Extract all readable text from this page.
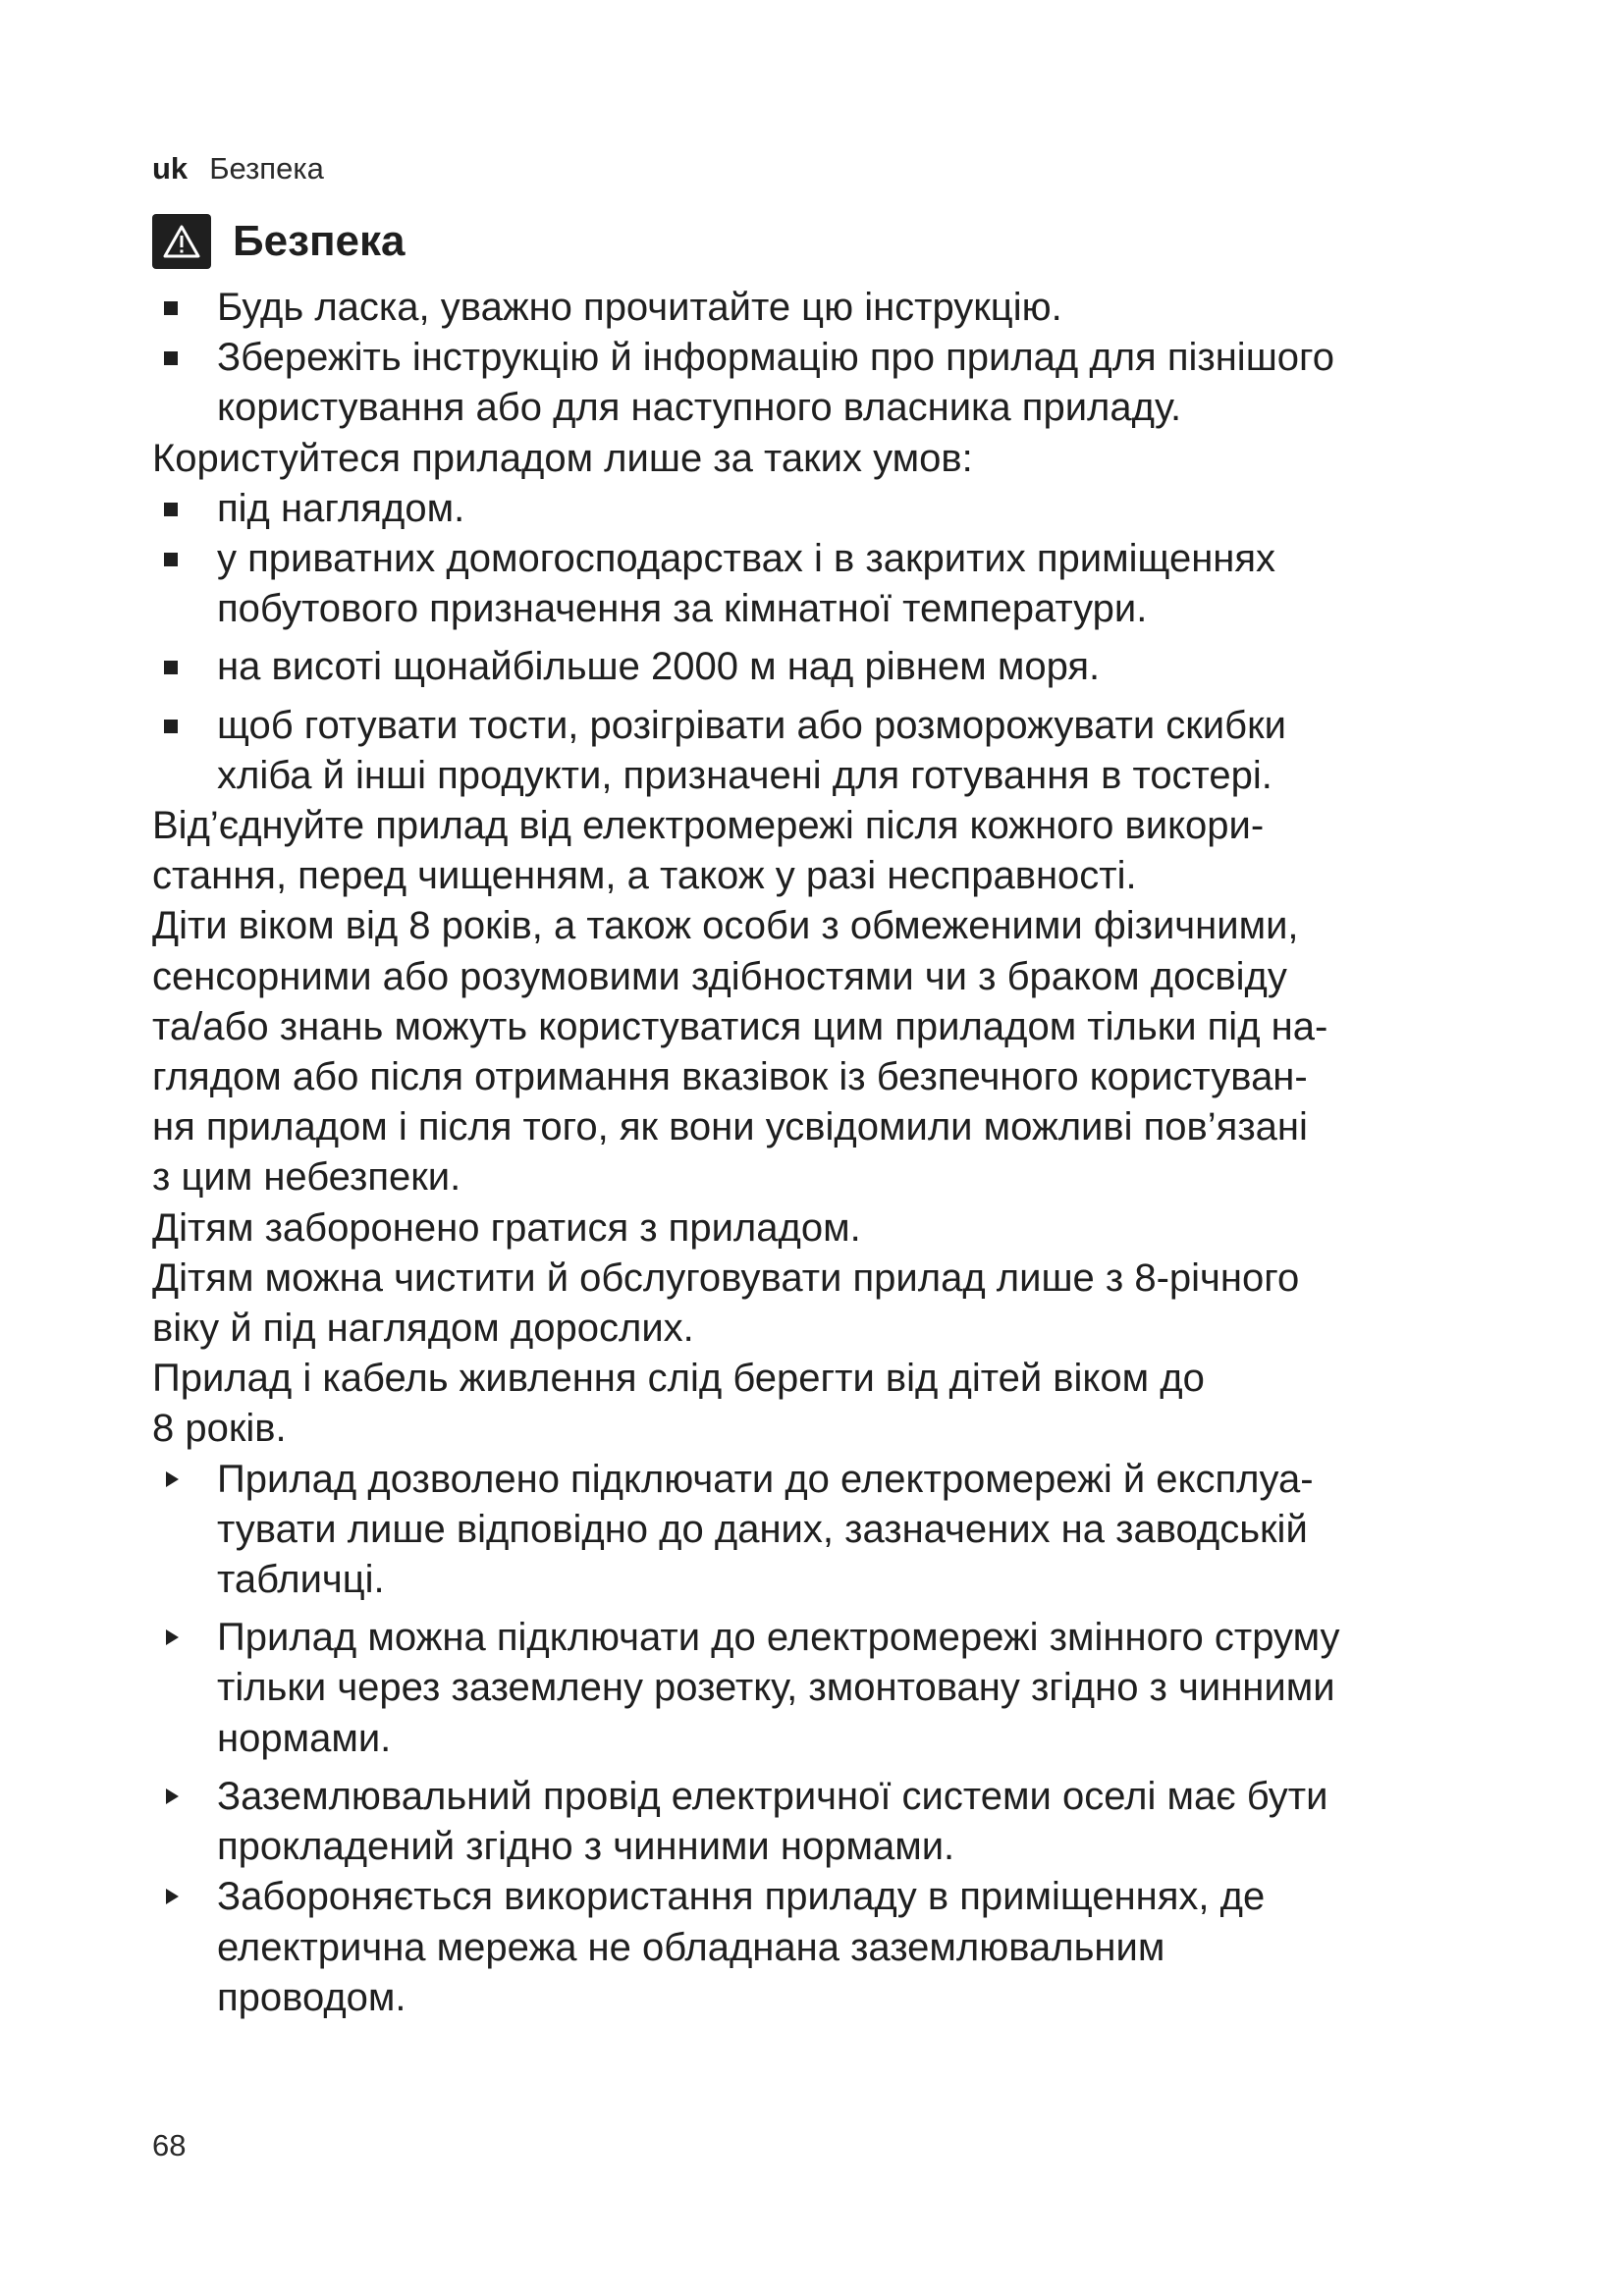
uk Безпека
Безпека
Будь ласка, уважно прочитайте цю інструкцію.
Збережіть інструкцію й інформацію про прилад для пізнішого
користування або для наступного власника приладу.

Користуйтеся приладом лише за таких умов:

під наглядом.
у приватних домогосподарствах і в закритих приміщеннях
побутового призначення за кімнатної температури.
на висоті щонайбільше 2000 м над рівнем моря.
щоб готувати тости, розігрівати або розморожувати скибки
хліба й інші продукти, призначені для готування в тостері.

Від’єднуйте прилад від електромережі після кожного викори-
стання, перед чищенням, а також у разі несправності.

Діти віком від 8 років, а також особи з обмеженими фізичними,
сенсорними або розумовими здібностями чи з браком досвіду
та/або знань можуть користуватися цим приладом тільки під на-
глядом або після отримання вказівок із безпечного користуван-
ня приладом і після того, як вони усвідомили можливі пов’язані
з цим небезпеки.

Дітям заборонено гратися з приладом.

Дітям можна чистити й обслуговувати прилад лише з 8-річного
віку й під наглядом дорослих.

Прилад і кабель живлення слід берегти від дітей віком до
8 років.

Прилад дозволено підключати до електромережі й експлуа-
тувати лише відповідно до даних, зазначених на заводській
табличці.
Прилад можна підключати до електромережі змінного струму
тільки через заземлену розетку, змонтовану згідно з чинними
нормами.
Заземлювальний провід електричної системи оселі має бути
прокладений згідно з чинними нормами.
Забороняється використання приладу в приміщеннях, де
електрична мережа не обладнана заземлювальним
проводом.
68
